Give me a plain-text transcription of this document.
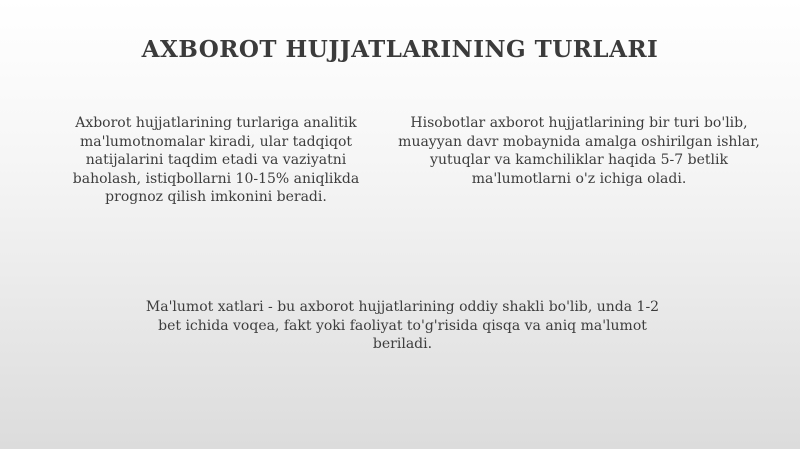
AXBOROT HUJJATLARINING TURLARI

Axborot hujjatlarining turlariga analitik ma'lumotnomalar kiradi, ular tadqiqot natijalarini taqdim etadi va vaziyatni baholash, istiqbollarni 10-15% aniqlikda prognoz qilish imkonini beradi.

Hisobotlar axborot hujjatlarining bir turi bo'lib, muayyan davr mobaynida amalga oshirilgan ishlar, yutuqlar va kamchiliklar haqida 5-7 betlik ma'lumotlarni o'z ichiga oladi.

Ma'lumot xatlari - bu axborot hujjatlarining oddiy shakli bo'lib, unda 1-2 bet ichida voqea, fakt yoki faoliyat to'g'risida qisqa va aniq ma'lumot beriladi.
